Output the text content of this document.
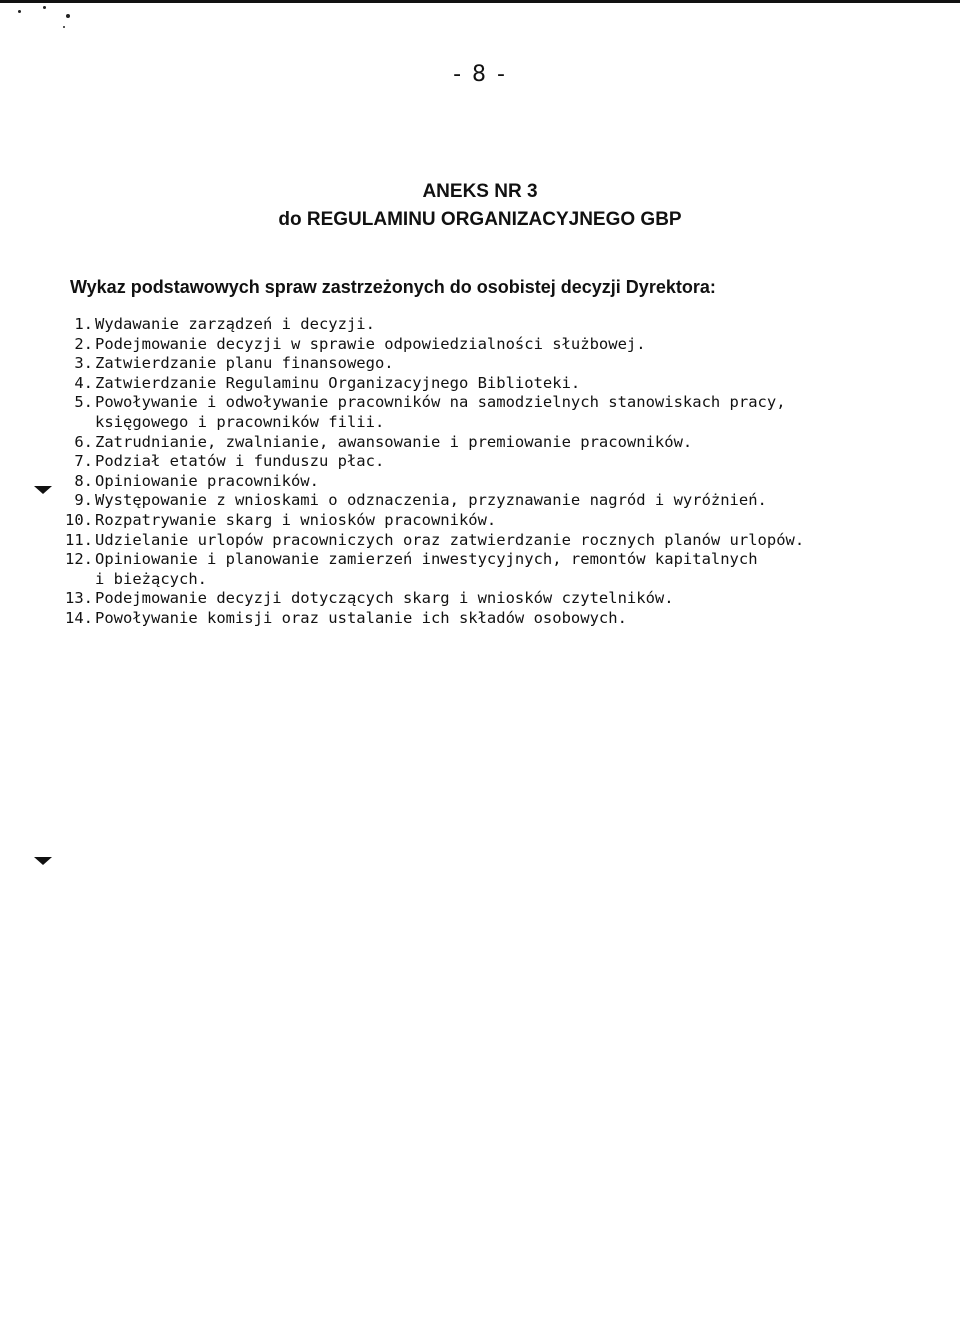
- 8 -
ANEKS NR 3
do REGULAMINU ORGANIZACYJNEGO GBP
Wykaz podstawowych spraw zastrzeżonych do osobistej decyzji Dyrektora:
1. Wydawanie zarządzeń i decyzji.
2. Podejmowanie decyzji w sprawie odpowiedzialności służbowej.
3. Zatwierdzanie planu finansowego.
4. Zatwierdzanie Regulaminu Organizacyjnego Biblioteki.
5. Powoływanie i odwoływanie pracowników na samodzielnych stanowiskach pracy,
księgowego i pracowników filii.
6. Zatrudnianie, zwalnianie, awansowanie i premiowanie pracowników.
7. Podział etatów i funduszu płac.
8. Opiniowanie pracowników.
9. Występowanie z wnioskami o odznaczenia, przyznawanie nagród i wyróżnień.
10. Rozpatrywanie skarg i wniosków pracowników.
11. Udzielanie urlopów pracowniczych oraz zatwierdzanie rocznych planów urlopów.
12. Opiniowanie i planowanie zamierzeń inwestycyjnych, remontów kapitalnych
i bieżących.
13. Podejmowanie decyzji dotyczących skarg i wniosków czytelników.
14. Powoływanie komisji oraz ustalanie ich składów osobowych.
